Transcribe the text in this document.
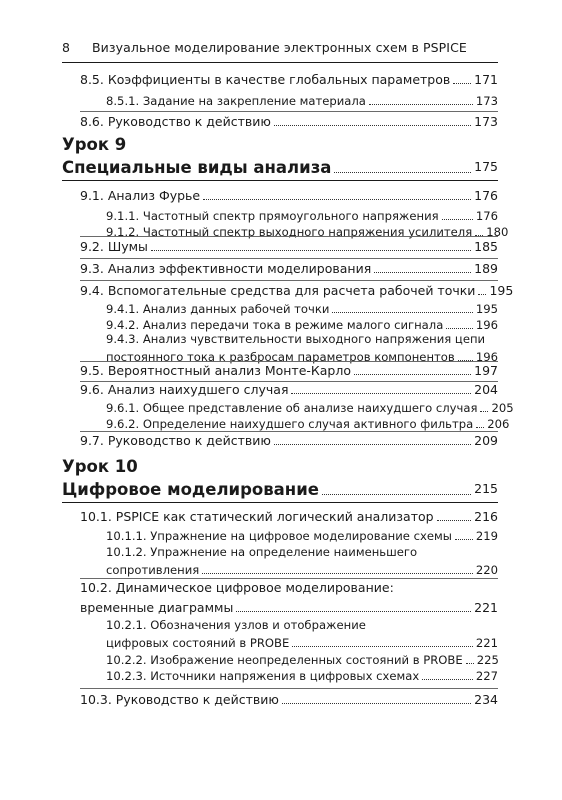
8 Визуальное моделирование электронных схем в PSPICE
8.5. Коэффициенты в качестве глобальных параметров 171
8.5.1. Задание на закрепление материала	173
8.6. Руководство к действию	173
Урок 9
Специальные виды анализа	175
9.1. Анализ Фурье	176
9.1.1. Частотный спектр прямоугольного напряжения	176
9.1.2. Частотный спектр выходного напряжения усилителя 180
9.2. Шумы	185
9.3. Анализ эффективности моделирования	189
9.4. Вспомогательные средства для расчета рабочей точки 195
9.4.1. Анализ данных рабочей точки	195
9.4.2. Анализ передачи тока в режиме малого сигнала	196
9.4.3. Анализ чувствительности выходного напряжения цепи
постоянного тока к разбросам параметров компонентов 196
9.5. Вероятностный анализ Монте-Карло	197
9.6. Анализ наихудшего случая	204
9.6.1. Общее представление об анализе наихудшего случая 205
9.6.2. Определение наихудшего случая активного фильтра 206
9.7. Руководство к действию	209
Урок 10
Цифровое моделирование	215
10.1. PSPICE как статический логический анализатор	216
10.1.1. Упражнение на цифровое моделирование схемы 219
10.1.2. Упражнение на определение наименьшего
сопротивления	220
10.2. Динамическое цифровое моделирование:
временные диаграммы	221
10.2.1. Обозначения узлов и отображение
цифровых состояний в PROBE	221
10.2.2. Изображение неопределенных состояний в PROBE 225
10.2.3. Источники напряжения в цифровых схемах	227
10.3. Руководство к действию	234
